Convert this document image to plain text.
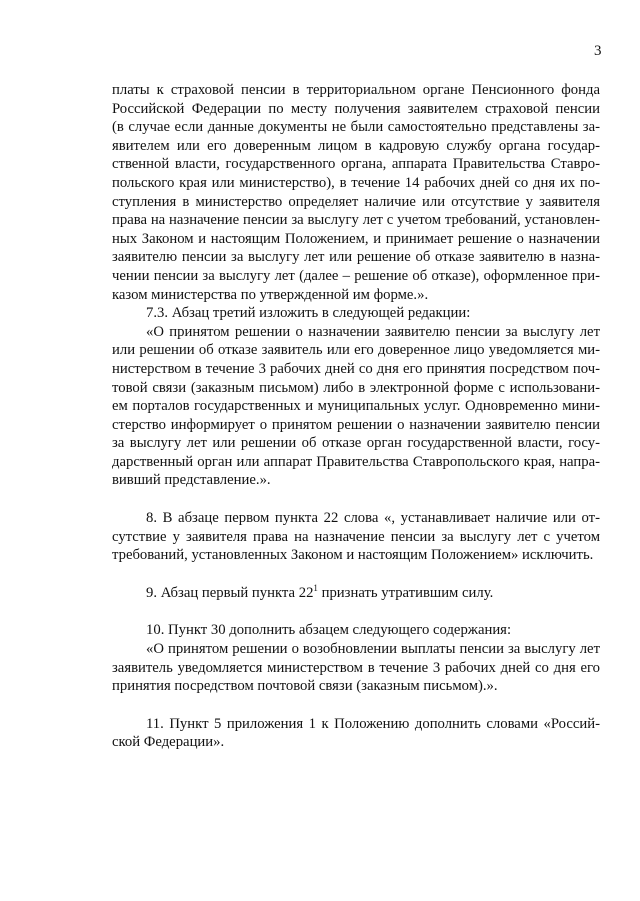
3
платы к страховой пенсии в территориальном органе Пенсионного фонда
Российской Федерации по месту получения заявителем страховой пенсии
(в случае если данные документы не были самостоятельно представлены за-
явителем или его доверенным лицом в кадровую службу органа государ-
ственной власти, государственного органа, аппарата Правительства Ставро-
польского края или министерство), в течение 14 рабочих дней со дня их по-
ступления в министерство определяет наличие или отсутствие у заявителя
права на назначение пенсии за выслугу лет с учетом требований, установлен-
ных Законом и настоящим Положением, и принимает решение о назначении
заявителю пенсии за выслугу лет или решение об отказе заявителю в назна-
чении пенсии за выслугу лет (далее – решение об отказе), оформленное при-
казом министерства по утвержденной им форме.».
7.3. Абзац третий изложить в следующей редакции:
«О принятом решении о назначении заявителю пенсии за выслугу лет
или решении об отказе заявитель или его доверенное лицо уведомляется ми-
нистерством в течение 3 рабочих дней со дня его принятия посредством поч-
товой связи (заказным письмом) либо в электронной форме с использовани-
ем порталов государственных и муниципальных услуг. Одновременно мини-
стерство информирует о принятом решении о назначении заявителю пенсии
за выслугу лет или решении об отказе орган государственной власти, госу-
дарственный орган или аппарат Правительства Ставропольского края, напра-
вивший представление.».
8. В абзаце первом пункта 22 слова «, устанавливает наличие или от-
сутствие у заявителя права на назначение пенсии за выслугу лет с учетом
требований, установленных Законом и настоящим Положением» исключить.
9. Абзац первый пункта $22^1$ признать утратившим силу.
10. Пункт 30 дополнить абзацем следующего содержания:
«О принятом решении о возобновлении выплаты пенсии за выслугу лет
заявитель уведомляется министерством в течение 3 рабочих дней со дня его
принятия посредством почтовой связи (заказным письмом).».
11. Пункт 5 приложения 1 к Положению дополнить словами «Россий-
ской Федерации».
